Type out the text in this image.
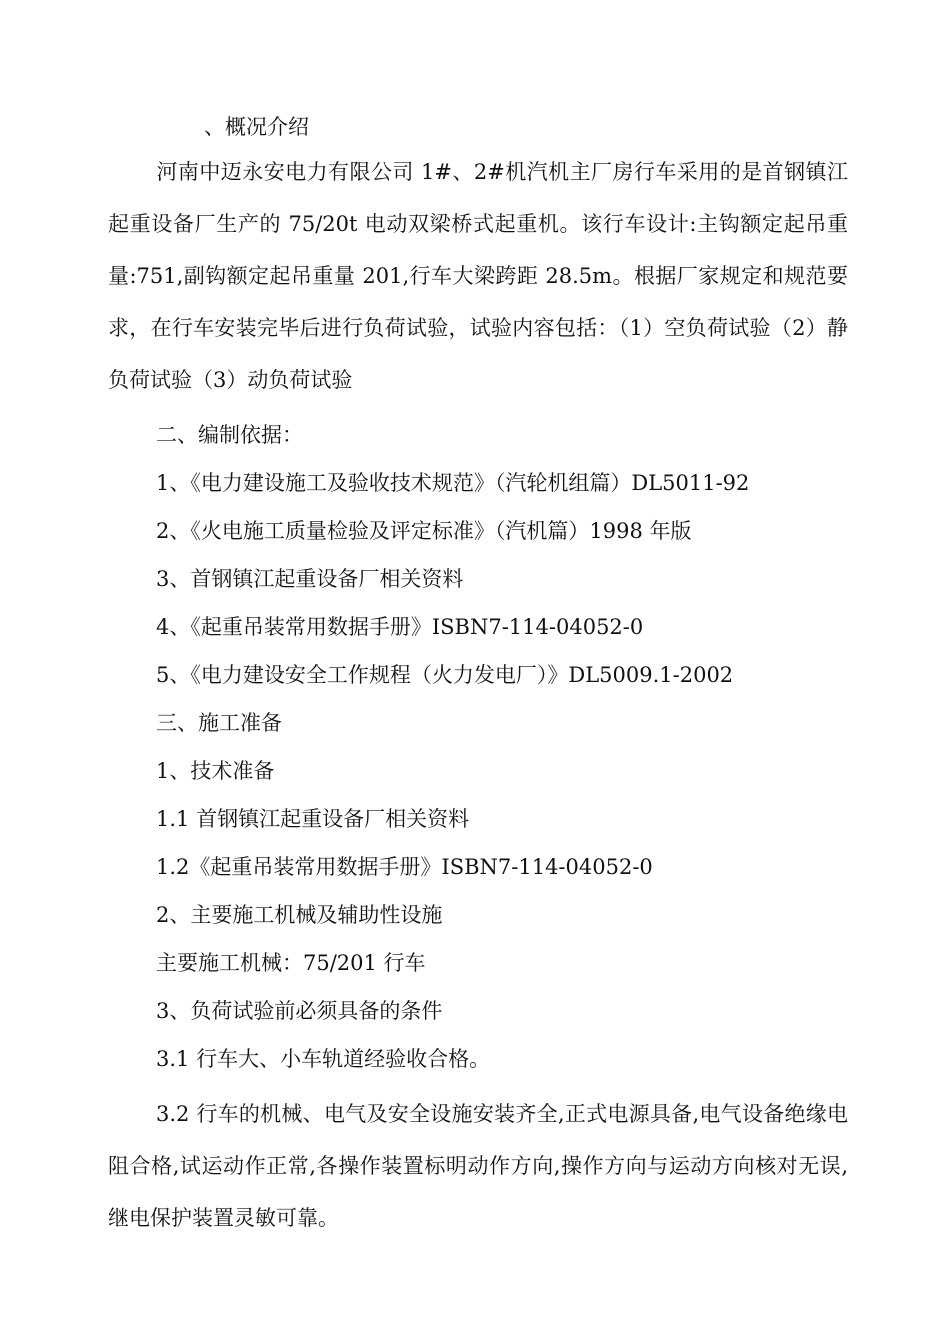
、概况介绍

河南中迈永安电力有限公司 1#、2#机汽机主厂房行车采用的是首钢镇江起重设备厂生产的 75/20t 电动双梁桥式起重机。该行车设计:主钩额定起吊重量:751,副钩额定起吊重量 201,行车大梁跨距 28.5m。根据厂家规定和规范要求，在行车安装完毕后进行负荷试验，试验内容包括：（1）空负荷试验（2）静负荷试验（3）动负荷试验

二、编制依据：

1、《电力建设施工及验收技术规范》（汽轮机组篇）DL5011-92

2、《火电施工质量检验及评定标准》（汽机篇）1998 年版

3、首钢镇江起重设备厂相关资料

4、《起重吊装常用数据手册》ISBN7-114-04052-0

5、《电力建设安全工作规程（火力发电厂）》DL5009.1-2002

三、施工准备

1、技术准备

1.1 首钢镇江起重设备厂相关资料

1.2《起重吊装常用数据手册》ISBN7-114-04052-0

2、主要施工机械及辅助性设施

主要施工机械：75/201 行车

3、负荷试验前必须具备的条件

3.1 行车大、小车轨道经验收合格。

3.2 行车的机械、电气及安全设施安装齐全,正式电源具备,电气设备绝缘电阻合格,试运动作正常,各操作装置标明动作方向,操作方向与运动方向核对无误,继电保护装置灵敏可靠。
